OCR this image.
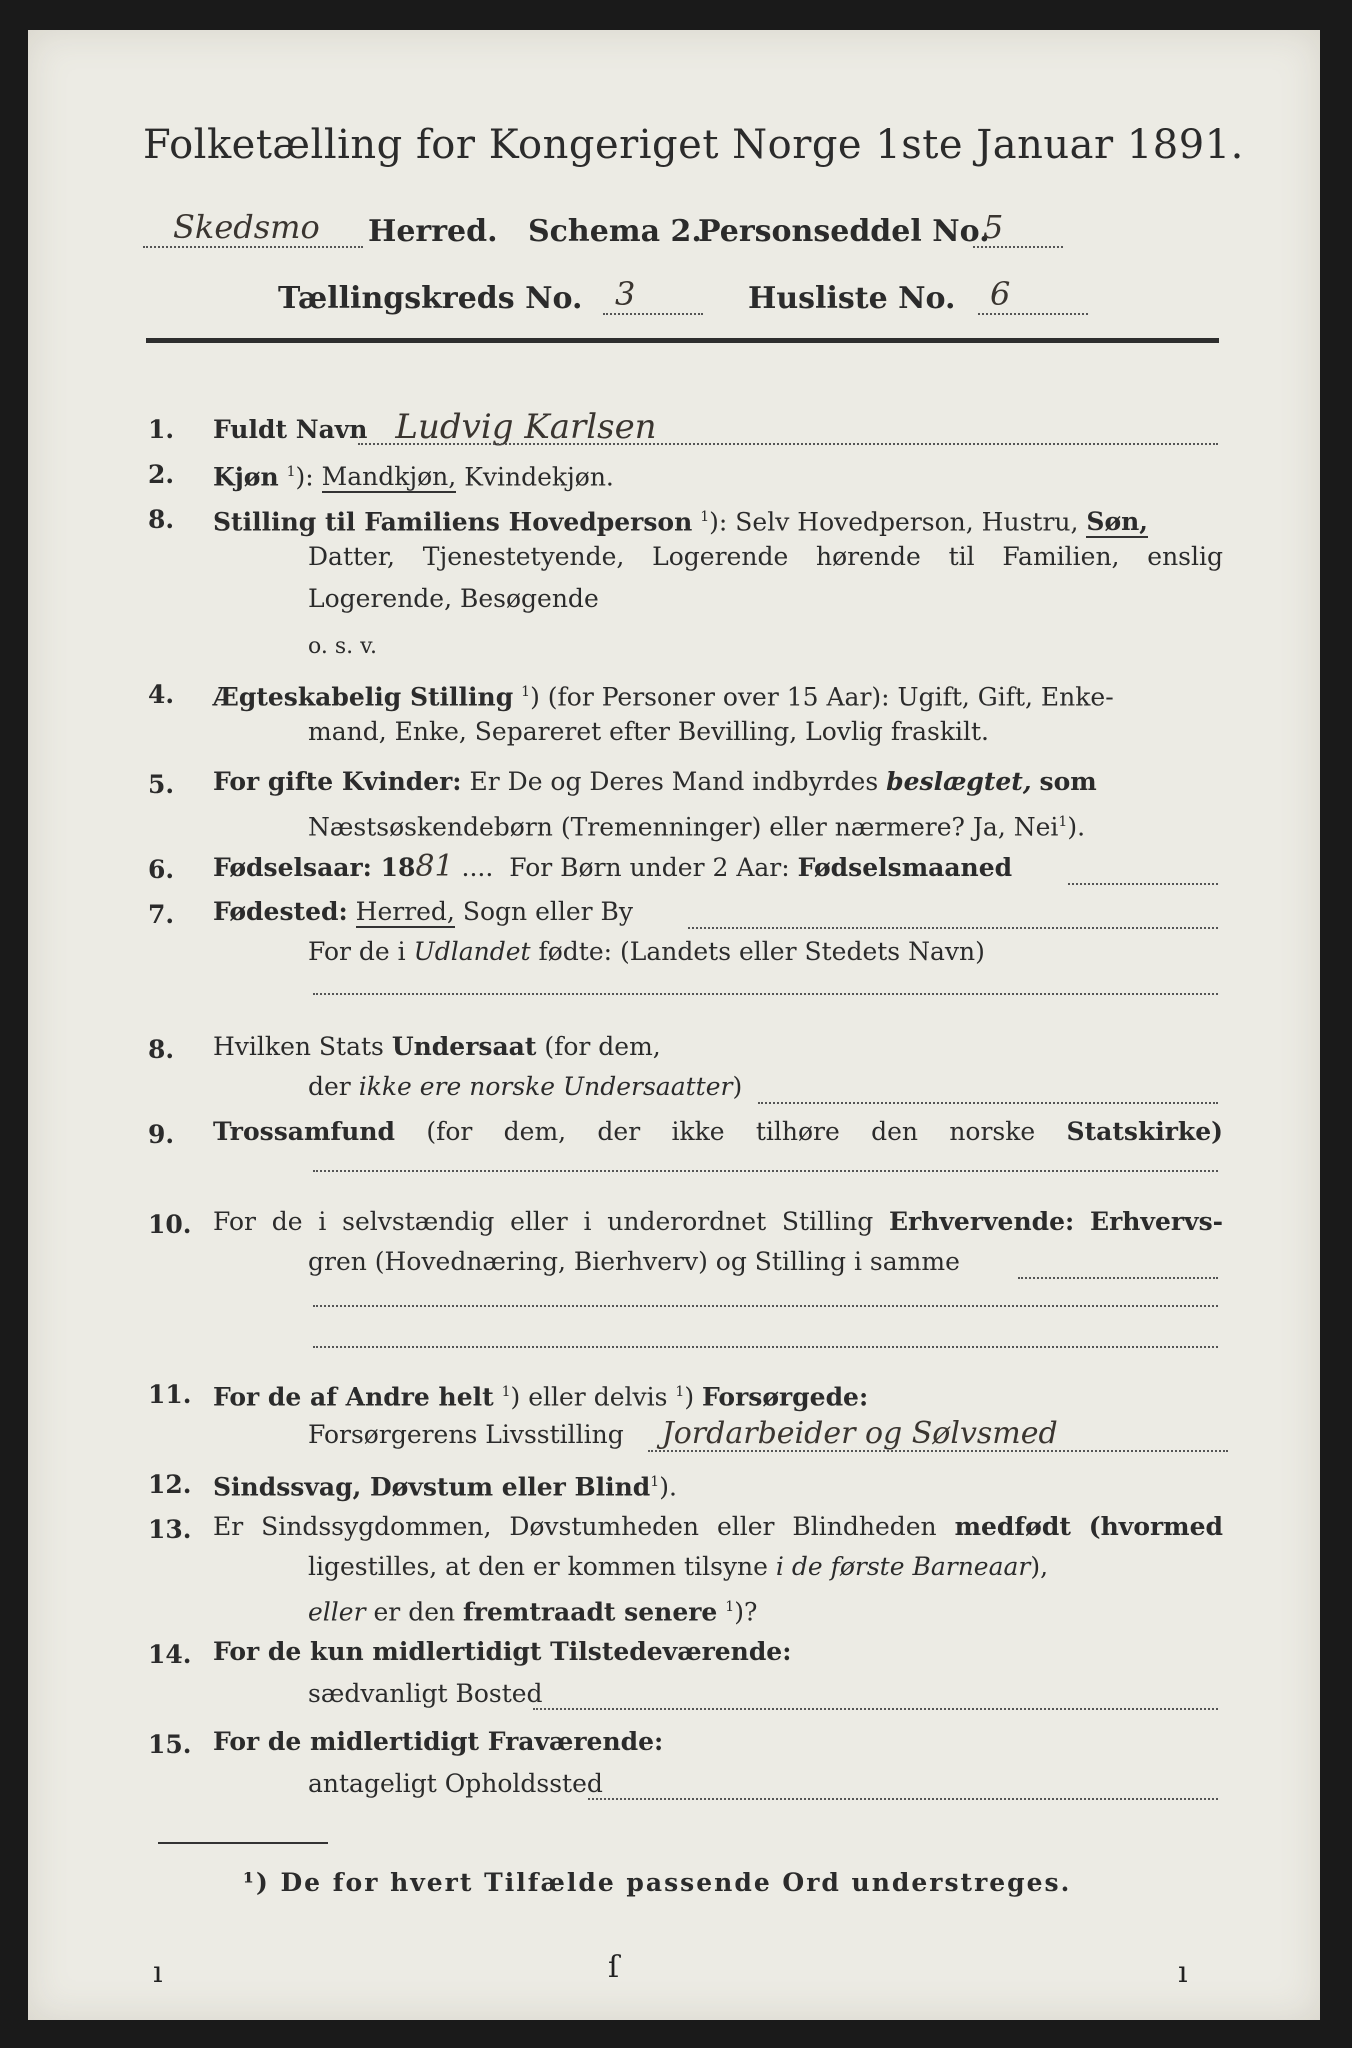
Folketælling for Kongeriget Norge 1ste Januar 1891.
Skedsmo	Herred. Schema 2.
Personseddel No.
5
Tællingskreds No.	3	Husliste No.	6
1.	Fuldt Navn Ludvig Karlsen
2.	Kjøn $^1$): Mandkjøn, Kvindekjøn.
8.	Stilling til Familiens Hovedperson $^1$): Selv Hovedperson, Hustru, Søn,
Datter, Tjenestetyende, Logerende hørende til Familien, enslig
Logerende, Besøgende
o. s. v.
4.	Ægteskabelig Stilling $^1$) (for Personer over 15 Aar): Ugift, Gift, Enke-
mand, Enke, Separeret efter Bevilling, Lovlig fraskilt.
5.	For gifte Kvinder: Er De og Deres Mand indbyrdes beslægtet, som
Næstsøskendebørn (Tremenninger) eller nærmere? Ja, Nei$^1$).
6.	Fødselsaar: 1881 ....  For Børn under 2 Aar: Fødselsmaaned
7.	Fødested: Herred, Sogn eller By
For de i Udlandet fødte: (Landets eller Stedets Navn)
8.	Hvilken Stats Undersaat (for dem,
der ikke ere norske Undersaatter)
9.	Trossamfund (for dem, der ikke tilhøre den norske Statskirke)
10. For de i selvstændig eller i underordnet Stilling Erhvervende: Erhvervs-
gren (Hovednæring, Bierhverv) og Stilling i samme
11. For de af Andre helt $^1$) eller delvis $^1$) Forsørgede:
Forsørgerens Livsstilling Jordarbeider og Sølvsmed
12. Sindssvag, Døvstum eller Blind$^1$).
13. Er Sindssygdommen, Døvstumheden eller Blindheden medfødt (hvormed
ligestilles, at den er kommen tilsyne i de første Barneaar),
eller er den fremtraadt senere $^1$)?
14. For de kun midlertidigt Tilstedeværende:
sædvanligt Bosted
15. For de midlertidigt Fraværende:
antageligt Opholdssted
¹) De for hvert Tilfælde passende Ord understreges.
ı	ſ	ı
